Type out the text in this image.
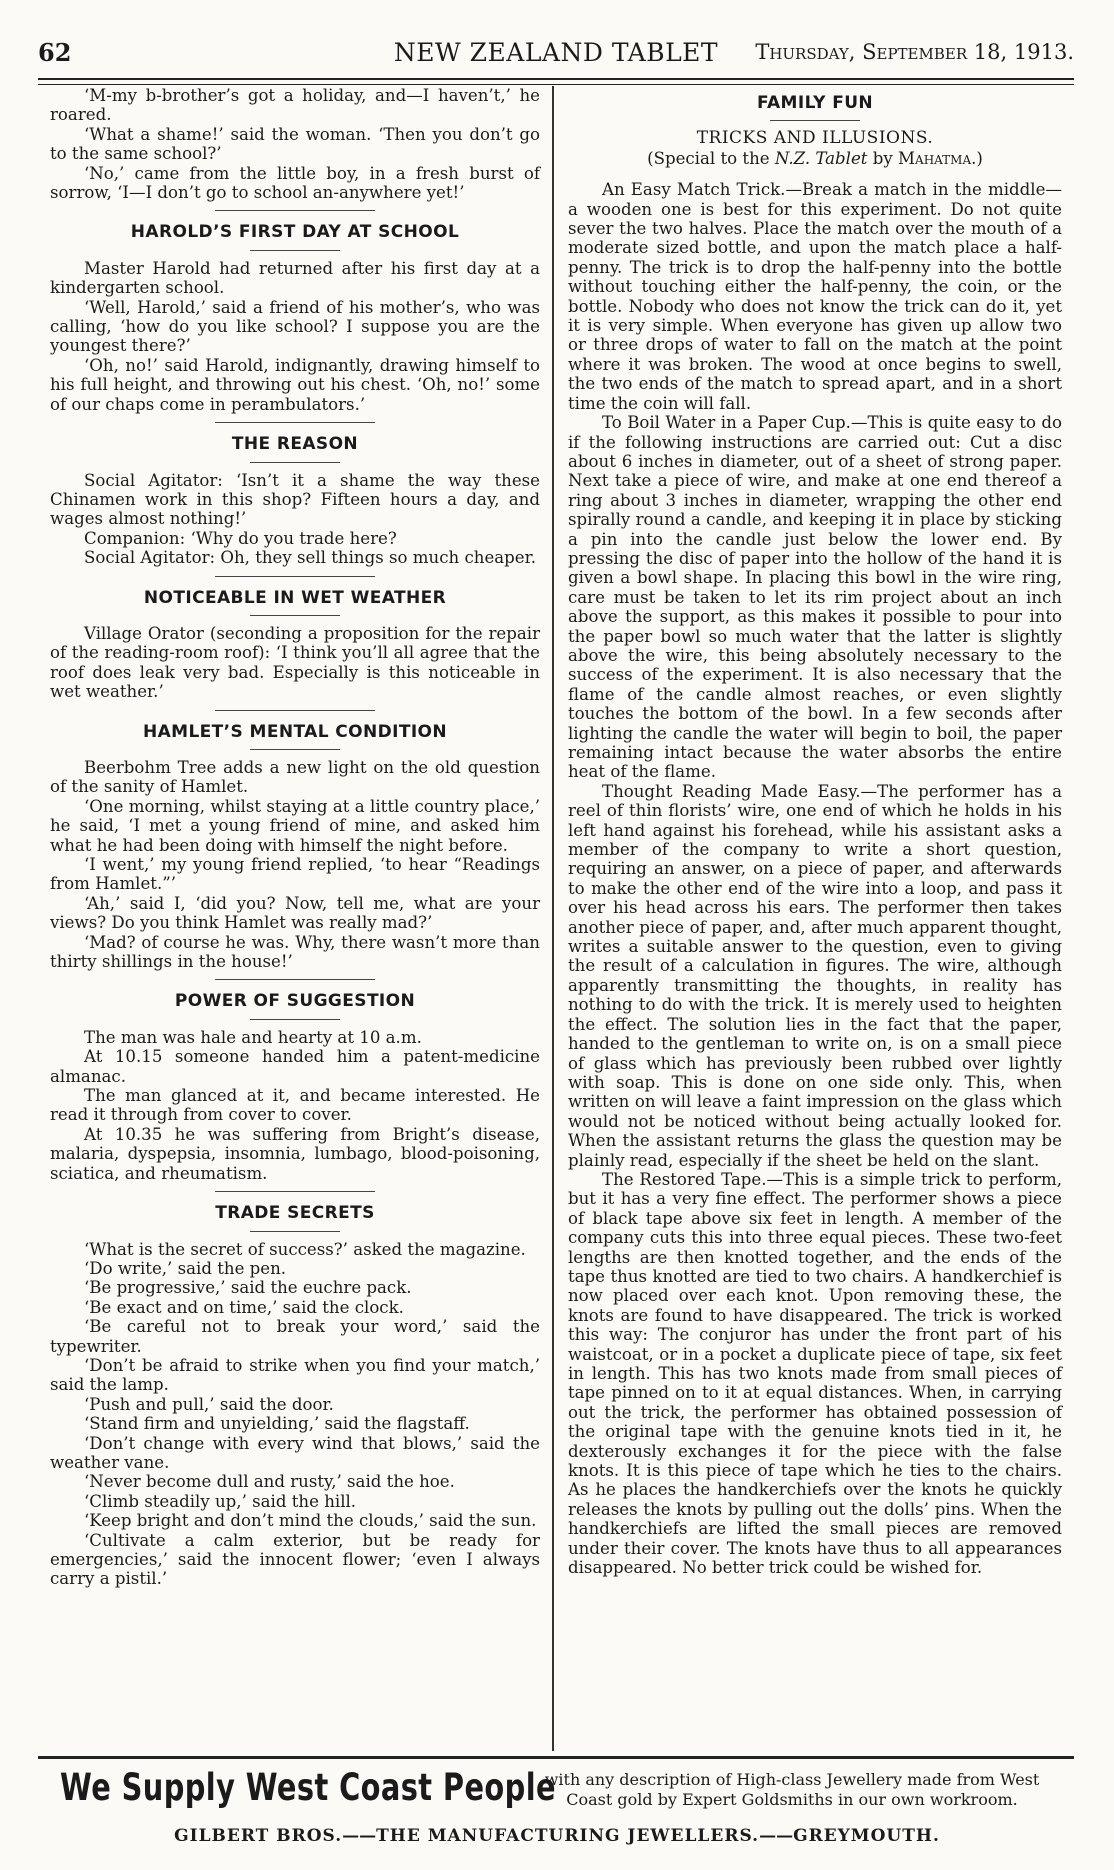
62	NEW ZEALAND TABLET	Thursday, September 18, 1913.

‘M-my b-brother’s got a holiday, and—I haven’t,’ he roared.

‘What a shame!’ said the woman. ‘Then you don’t go to the same school?’

‘No,’ came from the little boy, in a fresh burst of sorrow, ‘I—I don’t go to school an-anywhere yet!’

HAROLD’S FIRST DAY AT SCHOOL

Master Harold had returned after his first day at a kindergarten school.

‘Well, Harold,’ said a friend of his mother’s, who was calling, ‘how do you like school? I suppose you are the youngest there?’

‘Oh, no!’ said Harold, indignantly, drawing himself to his full height, and throwing out his chest. ‘Oh, no!’ some of our chaps come in perambulators.’

THE REASON

Social Agitator: ‘Isn’t it a shame the way these Chinamen work in this shop? Fifteen hours a day, and wages almost nothing!’

Companion: ‘Why do you trade here?

Social Agitator: Oh, they sell things so much cheaper.

NOTICEABLE IN WET WEATHER

Village Orator (seconding a proposition for the repair of the reading-room roof): ‘I think you’ll all agree that the roof does leak very bad. Especially is this noticeable in wet weather.’

HAMLET’S MENTAL CONDITION

Beerbohm Tree adds a new light on the old question of the sanity of Hamlet.

‘One morning, whilst staying at a little country place,’ he said, ‘I met a young friend of mine, and asked him what he had been doing with himself the night before.

‘I went,’ my young friend replied, ‘to hear “Readings from Hamlet.”’

‘Ah,’ said I, ‘did you? Now, tell me, what are your views? Do you think Hamlet was really mad?’

‘Mad? of course he was. Why, there wasn’t more than thirty shillings in the house!’

POWER OF SUGGESTION

The man was hale and hearty at 10 a.m.

At 10.15 someone handed him a patent-medicine almanac.

The man glanced at it, and became interested. He read it through from cover to cover.

At 10.35 he was suffering from Bright’s disease, malaria, dyspepsia, insomnia, lumbago, blood-poisoning, sciatica, and rheumatism.

TRADE SECRETS

‘What is the secret of success?’ asked the magazine.

‘Do write,’ said the pen.

‘Be progressive,’ said the euchre pack.

‘Be exact and on time,’ said the clock.

‘Be careful not to break your word,’ said the typewriter.

‘Don’t be afraid to strike when you find your match,’ said the lamp.

‘Push and pull,’ said the door.

‘Stand firm and unyielding,’ said the flagstaff.

‘Don’t change with every wind that blows,’ said the weather vane.

‘Never become dull and rusty,’ said the hoe.

‘Climb steadily up,’ said the hill.

‘Keep bright and don’t mind the clouds,’ said the sun.

‘Cultivate a calm exterior, but be ready for emergencies,’ said the innocent flower; ‘even I always carry a pistil.’

FAMILY FUN
TRICKS AND ILLUSIONS.
(Special to the N.Z. Tablet by Mahatma.)

An Easy Match Trick.—Break a match in the middle—a wooden one is best for this experiment. Do not quite sever the two halves. Place the match over the mouth of a moderate sized bottle, and upon the match place a half-penny. The trick is to drop the half-penny into the bottle without touching either the half-penny, the coin, or the bottle. Nobody who does not know the trick can do it, yet it is very simple. When everyone has given up allow two or three drops of water to fall on the match at the point where it was broken. The wood at once begins to swell, the two ends of the match to spread apart, and in a short time the coin will fall.

To Boil Water in a Paper Cup.—This is quite easy to do if the following instructions are carried out: Cut a disc about 6 inches in diameter, out of a sheet of strong paper. Next take a piece of wire, and make at one end thereof a ring about 3 inches in diameter, wrapping the other end spirally round a candle, and keeping it in place by sticking a pin into the candle just below the lower end. By pressing the disc of paper into the hollow of the hand it is given a bowl shape. In placing this bowl in the wire ring, care must be taken to let its rim project about an inch above the support, as this makes it possible to pour into the paper bowl so much water that the latter is slightly above the wire, this being absolutely necessary to the success of the experiment. It is also necessary that the flame of the candle almost reaches, or even slightly touches the bottom of the bowl. In a few seconds after lighting the candle the water will begin to boil, the paper remaining intact because the water absorbs the entire heat of the flame.

Thought Reading Made Easy.—The performer has a reel of thin florists’ wire, one end of which he holds in his left hand against his forehead, while his assistant asks a member of the company to write a short question, requiring an answer, on a piece of paper, and afterwards to make the other end of the wire into a loop, and pass it over his head across his ears. The performer then takes another piece of paper, and, after much apparent thought, writes a suitable answer to the question, even to giving the result of a calculation in figures. The wire, although apparently transmitting the thoughts, in reality has nothing to do with the trick. It is merely used to heighten the effect. The solution lies in the fact that the paper, handed to the gentleman to write on, is on a small piece of glass which has previously been rubbed over lightly with soap. This is done on one side only. This, when written on will leave a faint impression on the glass which would not be noticed without being actually looked for. When the assistant returns the glass the question may be plainly read, especially if the sheet be held on the slant.

The Restored Tape.—This is a simple trick to perform, but it has a very fine effect. The performer shows a piece of black tape above six feet in length. A member of the company cuts this into three equal pieces. These two-feet lengths are then knotted together, and the ends of the tape thus knotted are tied to two chairs. A handkerchief is now placed over each knot. Upon removing these, the knots are found to have disappeared. The trick is worked this way: The conjuror has under the front part of his waistcoat, or in a pocket a duplicate piece of tape, six feet in length. This has two knots made from small pieces of tape pinned on to it at equal distances. When, in carrying out the trick, the performer has obtained possession of the original tape with the genuine knots tied in it, he dexterously exchanges it for the piece with the false knots. It is this piece of tape which he ties to the chairs. As he places the handkerchiefs over the knots he quickly releases the knots by pulling out the dolls’ pins. When the handkerchiefs are lifted the small pieces are removed under their cover. The knots have thus to all appearances disappeared. No better trick could be wished for.

We Supply West Coast People
with any description of High-class Jewellery made from West
Coast gold by Expert Goldsmiths in our own workroom.
GILBERT BROS.——THE MANUFACTURING JEWELLERS.——GREYMOUTH.
